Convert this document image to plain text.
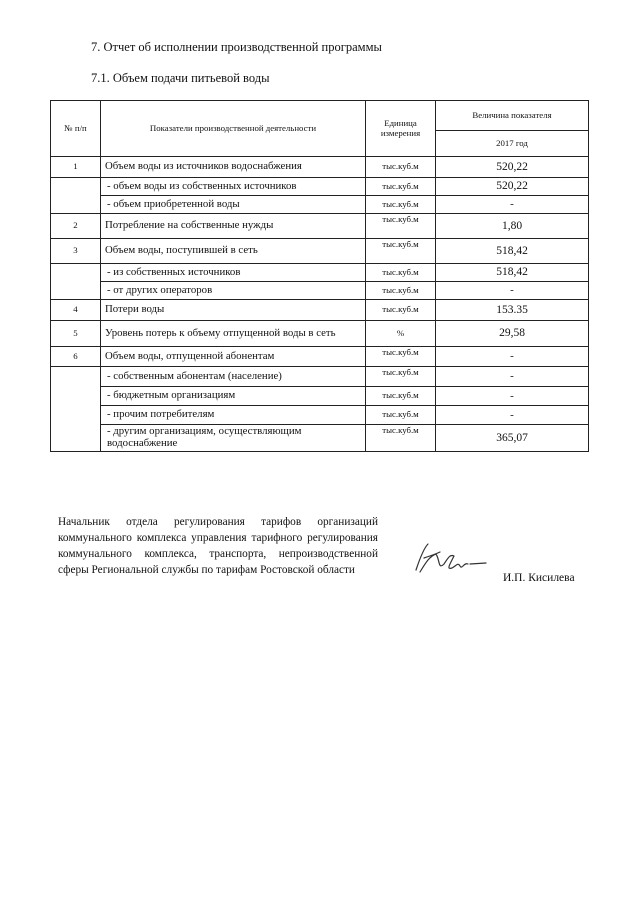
7. Отчет об исполнении производственной программы
7.1. Объем подачи питьевой воды
№ п/п	Показатели производственной деятельности	Единица измерения	Величина показателя
			2017 год
1	Объем воды из источников водоснабжения	тыс.куб.м	520,22
	- объем воды из собственных источников	тыс.куб.м	520,22
	- объем приобретенной воды	тыс.куб.м	-
2	Потребление на собственные нужды	тыс.куб.м	1,80
3	Объем воды, поступившей в сеть	тыс.куб.м	518,42
	- из собственных источников	тыс.куб.м	518,42
	- от других операторов	тыс.куб.м	-
4	Потери воды	тыс.куб.м	153.35
5	Уровень потерь к объему отпущенной воды в сеть	%	29,58
6	Объем воды, отпущенной абонентам	тыс.куб.м	-
	- собственным абонентам (население)	тыс.куб.м	-
	- бюджетным организациям	тыс.куб.м	-
	- прочим потребителям	тыс.куб.м	-
	- другим организациям, осуществляющим водоснабжение	тыс.куб.м	365,07
Начальник отдела регулирования тарифов организаций коммунального комплекса управления тарифного регулирования коммунального комплекса, транспорта, непроизводственной сферы Региональной службы по тарифам Ростовской области
И.П. Кисилева
